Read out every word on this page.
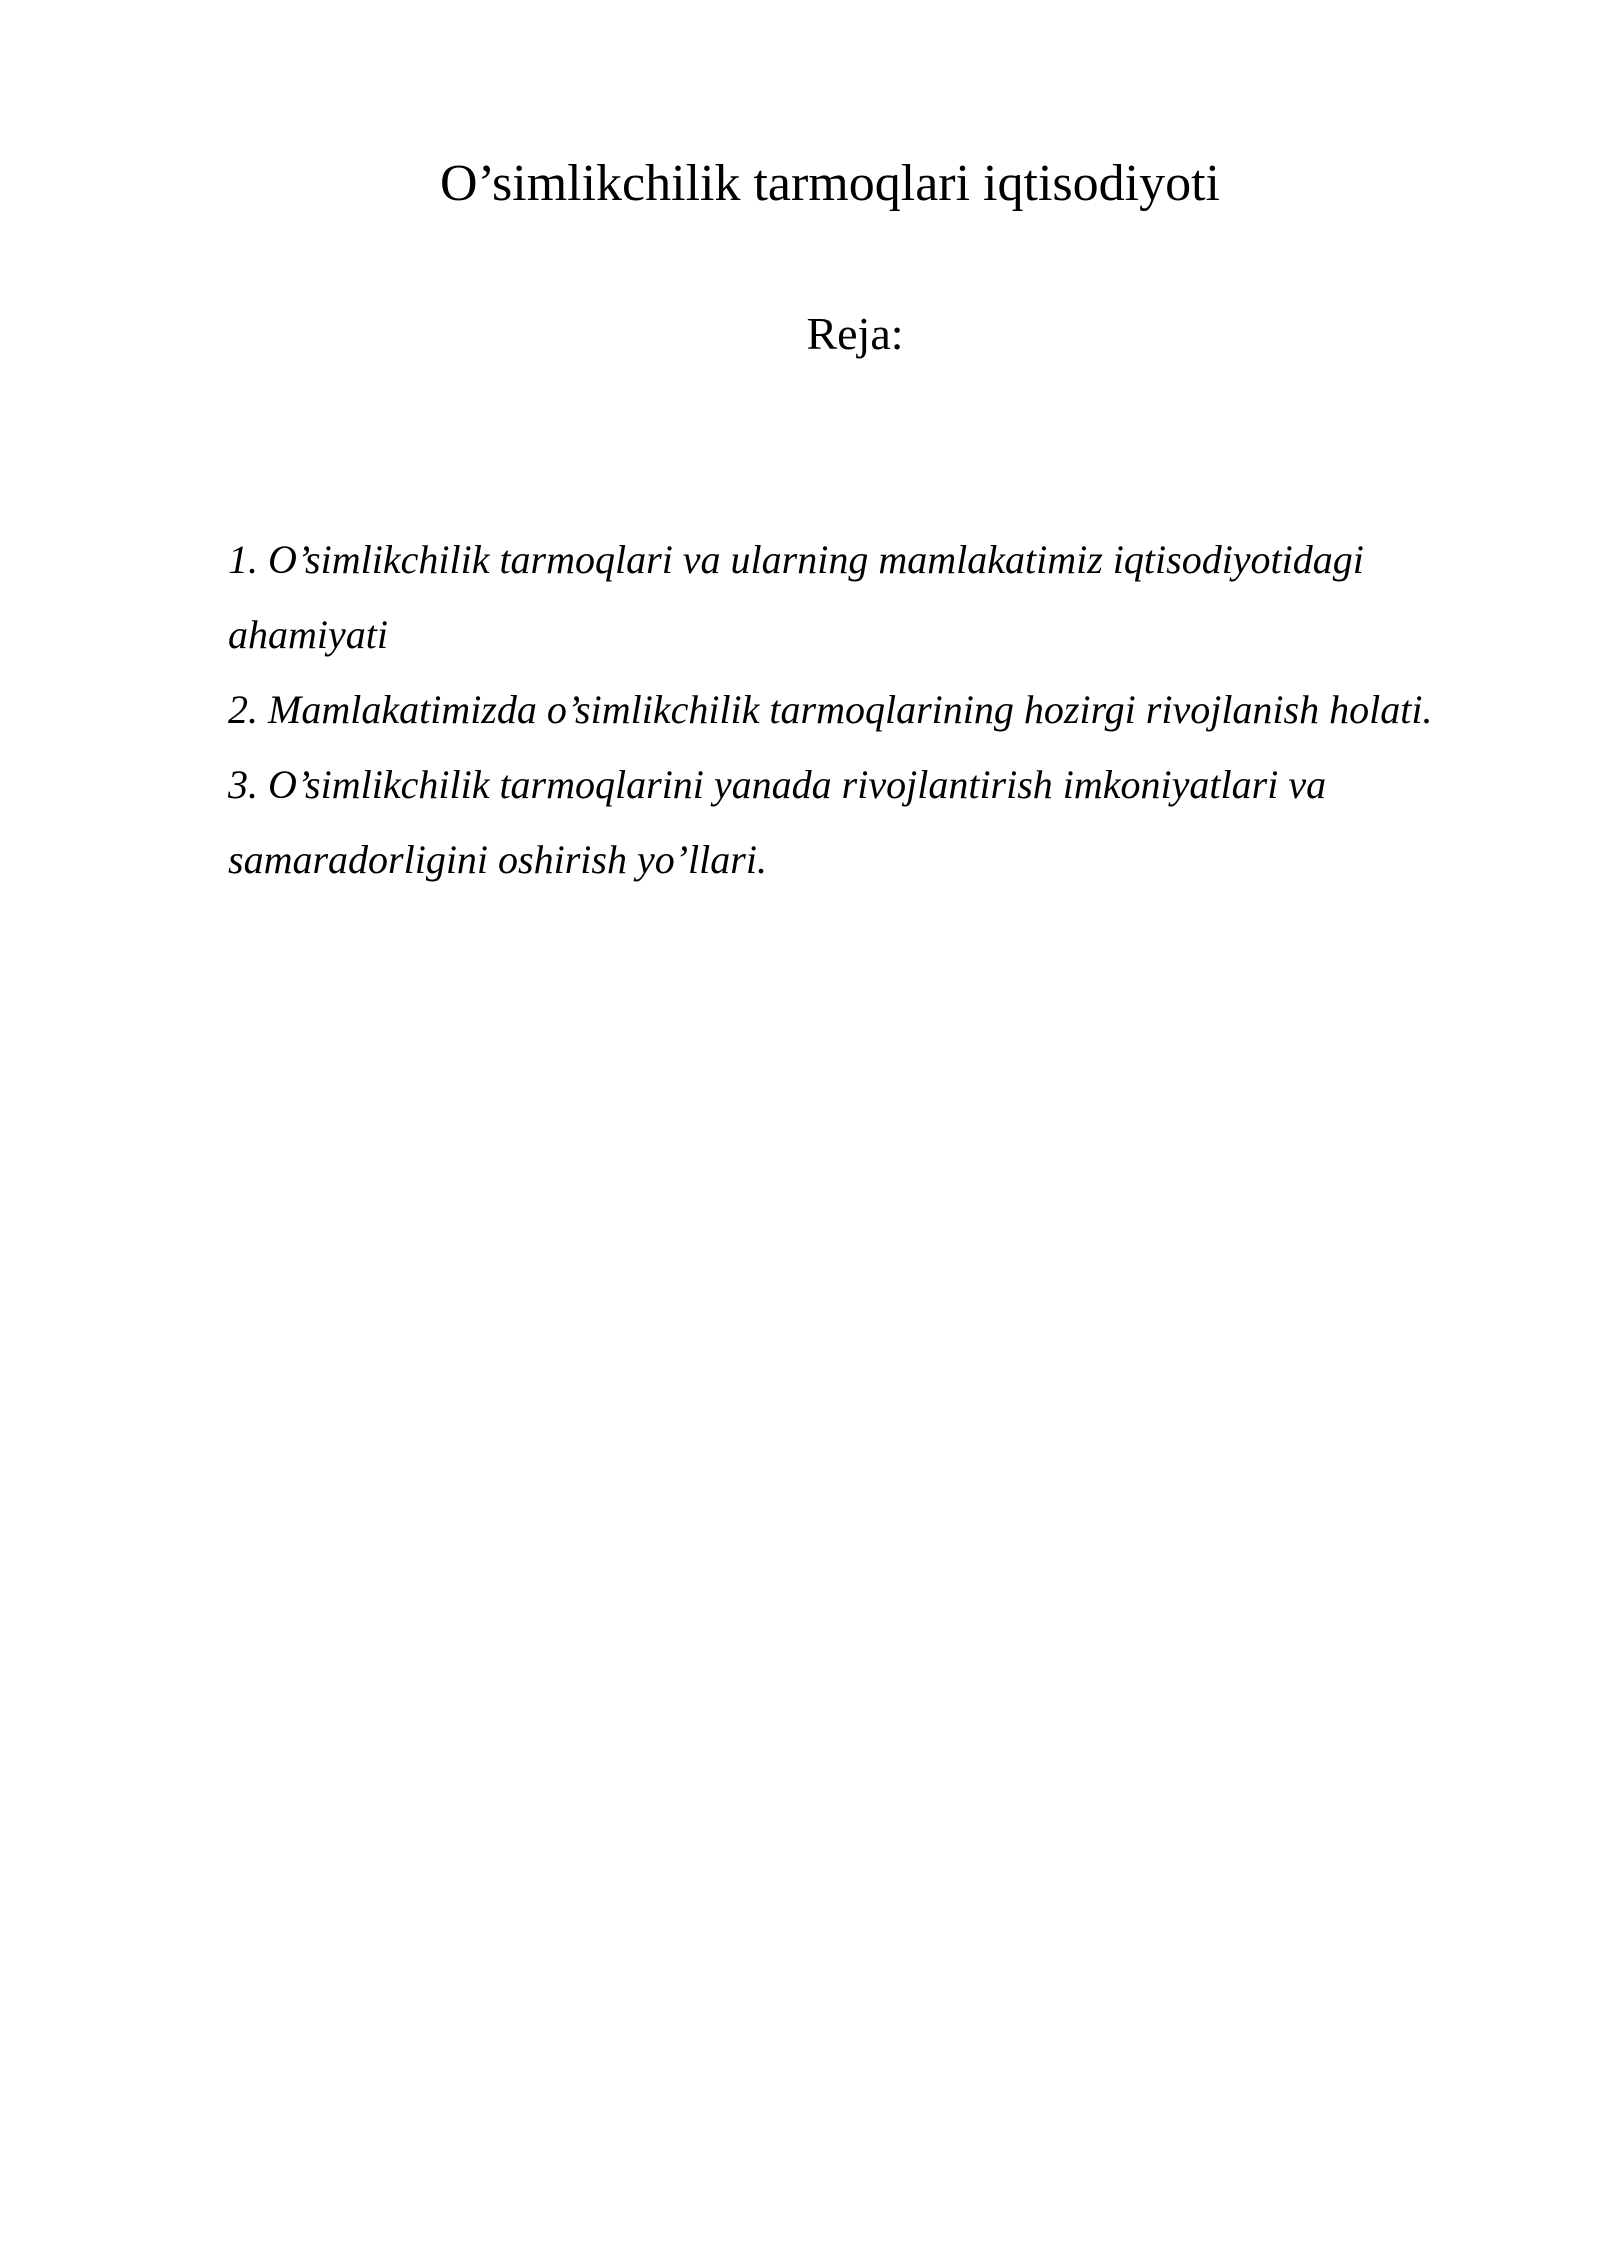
O’simlikchilik tarmoqlari iqtisodiyoti
Reja:
1. O’simlikchilik tarmoqlari va ularning mamlakatimiz iqtisodiyotidagi ahamiyati
2. Mamlakatimizda o’simlikchilik tarmoqlarining hozirgi rivojlanish holati.
3. O’simlikchilik tarmoqlarini yanada rivojlantirish imkoniyatlari va samaradorligini oshirish yo’llari.
